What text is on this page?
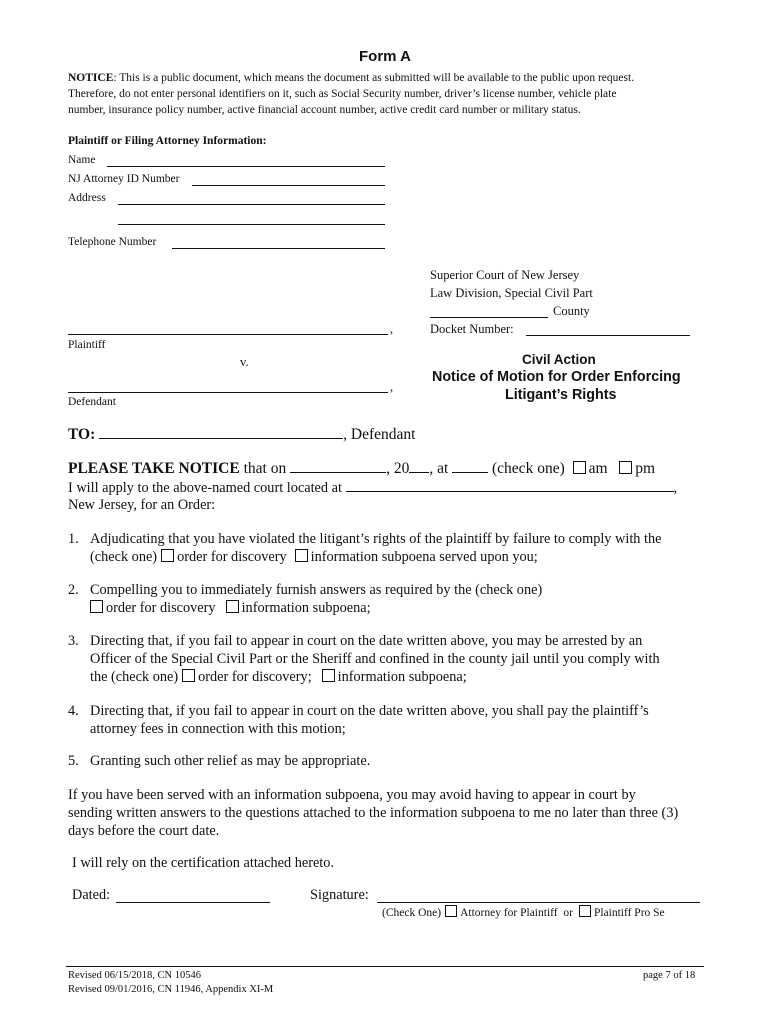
Form A
NOTICE: This is a public document, which means the document as submitted will be available to the public upon request.
Therefore, do not enter personal identifiers on it, such as Social Security number, driver’s license number, vehicle plate
number, insurance policy number, active financial account number, active credit card number or military status.
Plaintiff or Filing Attorney Information:
Name
NJ Attorney ID Number
Address
Telephone Number
Superior Court of New Jersey
Law Division, Special Civil Part
County
Docket Number:
,
Plaintiff
v.
,
Defendant
Civil Action
Notice of Motion for Order Enforcing
Litigant’s Rights
TO:	, Defendant
PLEASE TAKE NOTICE that on	, 20 , at  (check one) am pm
I will apply to the above-named court located at	,
New Jersey, for an Order:
1. Adjudicating that you have violated the litigant’s rights of the plaintiff by failure to comply with the
(check one) order for discovery information subpoena served upon you;
2. Compelling you to immediately furnish answers as required by the (check one)
order for discovery information subpoena;
3. Directing that, if you fail to appear in court on the date written above, you may be arrested by an
Officer of the Special Civil Part or the Sheriff and confined in the county jail until you comply with
the (check one) order for discovery; information subpoena;
4. Directing that, if you fail to appear in court on the date written above, you shall pay the plaintiff’s
attorney fees in connection with this motion;
5. Granting such other relief as may be appropriate.
If you have been served with an information subpoena, you may avoid having to appear in court by
sending written answers to the questions attached to the information subpoena to me no later than three (3)
days before the court date.
I will rely on the certification attached hereto.
Dated:	Signature:
(Check One) Attorney for Plaintiff or Plaintiff Pro Se
Revised 06/15/2018, CN 10546
Revised 09/01/2016, CN 11946, Appendix XI-M
page 7 of 18
